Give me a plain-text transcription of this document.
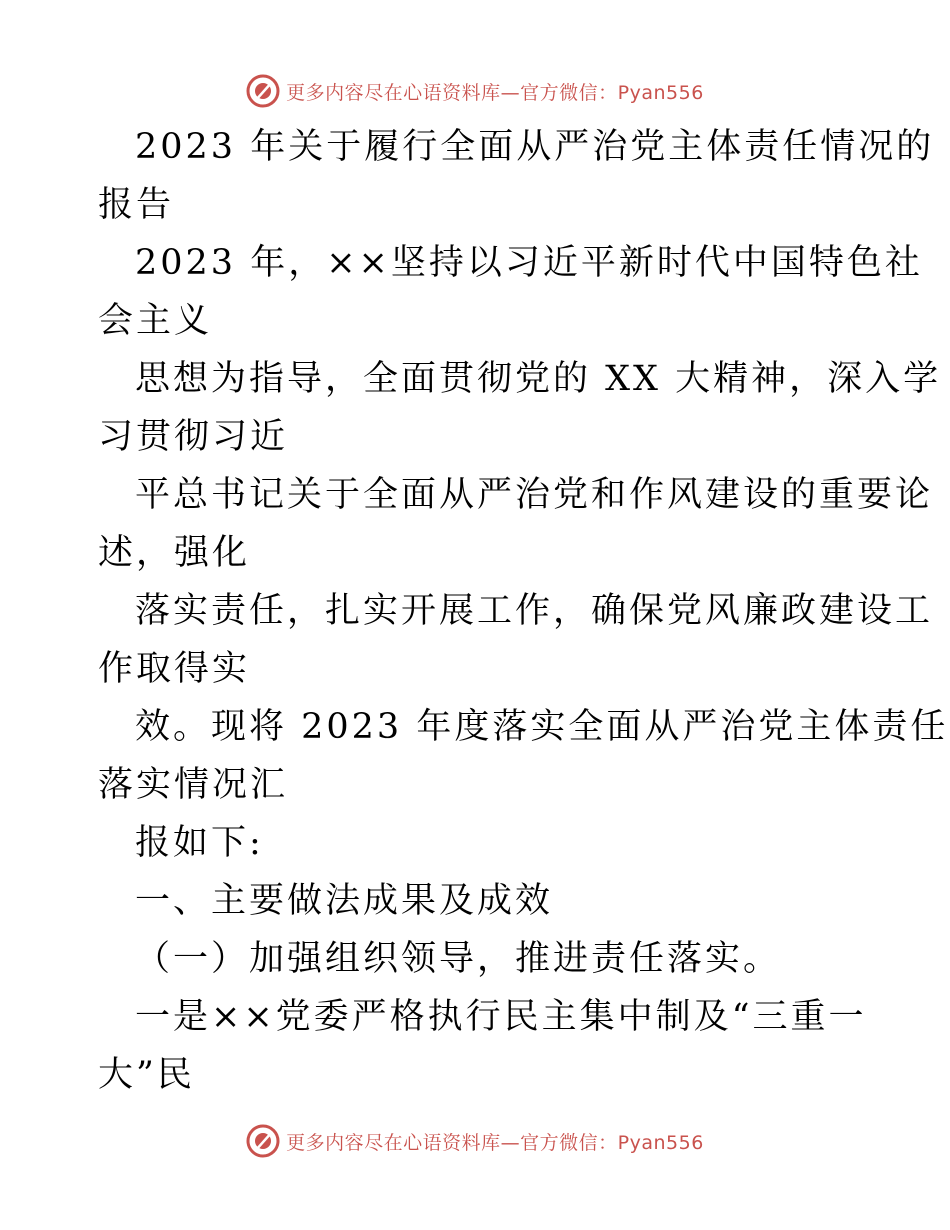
更多内容尽在心语资料库—官方微信：Pyan556
2023 年关于履行全面从严治党主体责任情况的
报告
2023 年，××坚持以习近平新时代中国特色社
会主义
思想为指导，全面贯彻党的 XX 大精神，深入学
习贯彻习近
平总书记关于全面从严治党和作风建设的重要论
述，强化
落实责任，扎实开展工作，确保党风廉政建设工
作取得实
效。现将 2023 年度落实全面从严治党主体责任
落实情况汇
报如下:
一、主要做法成果及成效
（一）加强组织领导，推进责任落实。
一是××党委严格执行民主集中制及“三重一
大”民
更多内容尽在心语资料库—官方微信：Pyan556
